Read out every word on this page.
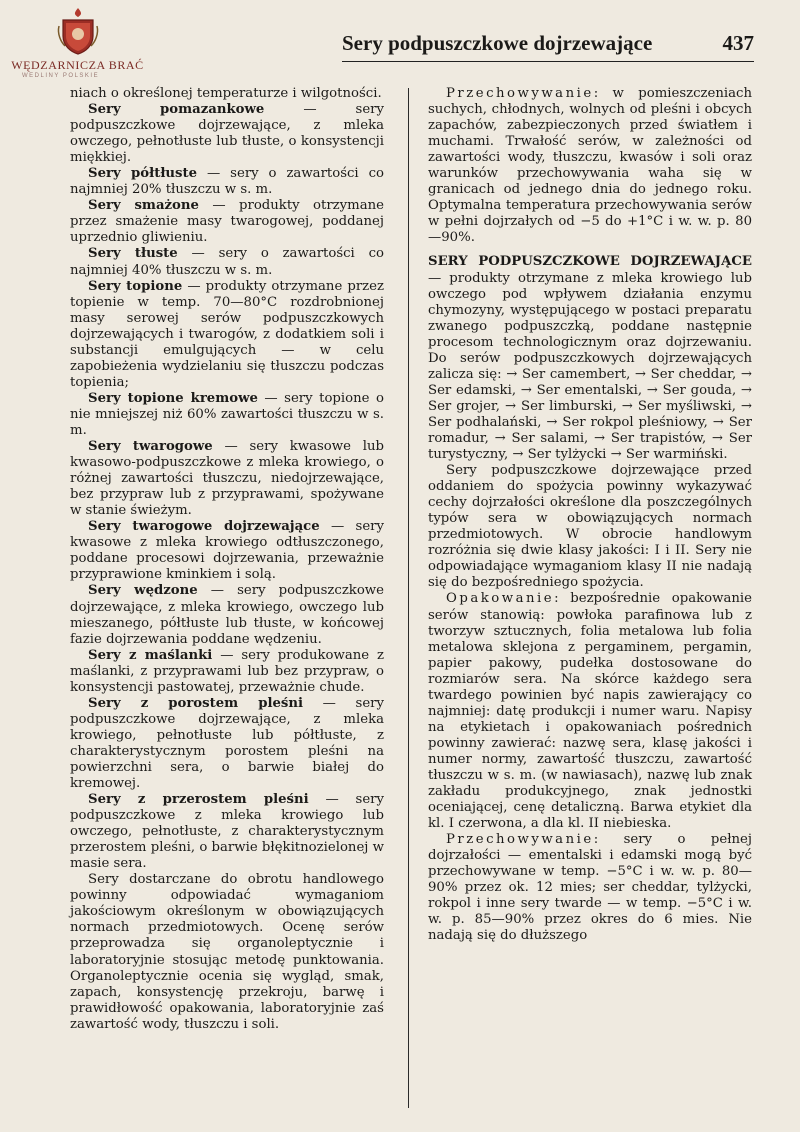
WĘDZARNICZA BRAĆ
WEDLINY POLSKIE
Sery podpuszczkowe dojrzewające	437

niach o określonej temperaturze i wilgotności.

Sery pomazankowe — sery podpuszczkowe dojrzewające, z mleka owczego, pełnotłuste lub tłuste, o konsystencji miękkiej.

Sery półtłuste — sery o zawartości co najmniej 20% tłuszczu w s. m.

Sery smażone — produkty otrzymane przez smażenie masy twarogowej, poddanej uprzednio gliwieniu.

Sery tłuste — sery o zawartości co najmniej 40% tłuszczu w s. m.

Sery topione — produkty otrzymane przez topienie w temp. 70—80°C rozdrobnionej masy serowej serów podpuszczkowych dojrzewających i twarogów, z dodatkiem soli i substancji emulgujących — w celu zapobieżenia wydzielaniu się tłuszczu podczas topienia;

Sery topione kremowe — sery topione o nie mniejszej niż 60% zawartości tłuszczu w s. m.

Sery twarogowe — sery kwasowe lub kwasowo-podpuszczkowe z mleka krowiego, o różnej zawartości tłuszczu, niedojrzewające, bez przypraw lub z przyprawami, spożywane w stanie świeżym.

Sery twarogowe dojrzewające — sery kwasowe z mleka krowiego odtłuszczonego, poddane procesowi dojrzewania, przeważnie przyprawione kminkiem i solą.

Sery wędzone — sery podpuszczkowe dojrzewające, z mleka krowiego, owczego lub mieszanego, półtłuste lub tłuste, w końcowej fazie dojrzewania poddane wędzeniu.

Sery z maślanki — sery produkowane z maślanki, z przyprawami lub bez przypraw, o konsystencji pastowatej, przeważnie chude.

Sery z porostem pleśni — sery podpuszczkowe dojrzewające, z mleka krowiego, pełnotłuste lub półtłuste, z charakterystycznym porostem pleśni na powierzchni sera, o barwie białej do kremowej.

Sery z przerostem pleśni — sery podpuszczkowe z mleka krowiego lub owczego, pełnotłuste, z charakterystycznym przerostem pleśni, o barwie błękitnozielonej w masie sera.

Sery dostarczane do obrotu handlowego powinny odpowiadać wymaganiom jakościowym określonym w obowiązujących normach przedmiotowych. Ocenę serów przeprowadza się organoleptycznie i laboratoryjnie stosując metodę punktowania. Organoleptycznie ocenia się wygląd, smak, zapach, konsystencję przekroju, barwę i prawidłowość opakowania, laboratoryjnie zaś zawartość wody, tłuszczu i soli.

Przechowywanie: w pomieszczeniach suchych, chłodnych, wolnych od pleśni i obcych zapachów, zabezpieczonych przed światłem i muchami. Trwałość serów, w zależności od zawartości wody, tłuszczu, kwasów i soli oraz warunków przechowywania waha się w granicach od jednego dnia do jednego roku. Optymalna temperatura przechowywania serów w pełni dojrzałych od −5 do +1°C i w. w. p. 80—90%.

SERY PODPUSZCZKOWE DOJRZEWAJĄCE — produkty otrzymane z mleka krowiego lub owczego pod wpływem działania enzymu chymozyny, występującego w postaci preparatu zwanego podpuszczką, poddane następnie procesom technologicznym oraz dojrzewaniu. Do serów podpuszczkowych dojrzewających zalicza się: → Ser camembert, → Ser cheddar, → Ser edamski, → Ser ementalski, → Ser gouda, → Ser grojer, → Ser limburski, → Ser myśliwski, → Ser podhalański, → Ser rokpol pleśniowy, → Ser romadur, → Ser salami, → Ser trapistów, → Ser turystyczny, → Ser tylżycki → Ser warmiński.

Sery podpuszczkowe dojrzewające przed oddaniem do spożycia powinny wykazywać cechy dojrzałości określone dla poszczególnych typów sera w obowiązujących normach przedmiotowych. W obrocie handlowym rozróżnia się dwie klasy jakości: I i II. Sery nie odpowiadające wymaganiom klasy II nie nadają się do bezpośredniego spożycia.

Opakowanie: bezpośrednie opakowanie serów stanowią: powłoka parafinowa lub z tworzyw sztucznych, folia metalowa lub folia metalowa sklejona z pergaminem, pergamin, papier pakowy, pudełka dostosowane do rozmiarów sera. Na skórce każdego sera twardego powinien być napis zawierający co najmniej: datę produkcji i numer waru. Napisy na etykietach i opakowaniach pośrednich powinny zawierać: nazwę sera, klasę jakości i numer normy, zawartość tłuszczu, zawartość tłuszczu w s. m. (w nawiasach), nazwę lub znak zakładu produkcyjnego, znak jednostki oceniającej, cenę detaliczną. Barwa etykiet dla kl. I czerwona, a dla kl. II niebieska.

Przechowywanie: sery o pełnej dojrzałości — ementalski i edamski mogą być przechowywane w temp. −5°C i w. w. p. 80—90% przez ok. 12 mies; ser cheddar, tylżycki, rokpol i inne sery twarde — w temp. −5°C i w. w. p. 85—90% przez okres do 6 mies. Nie nadają się do dłuższego
